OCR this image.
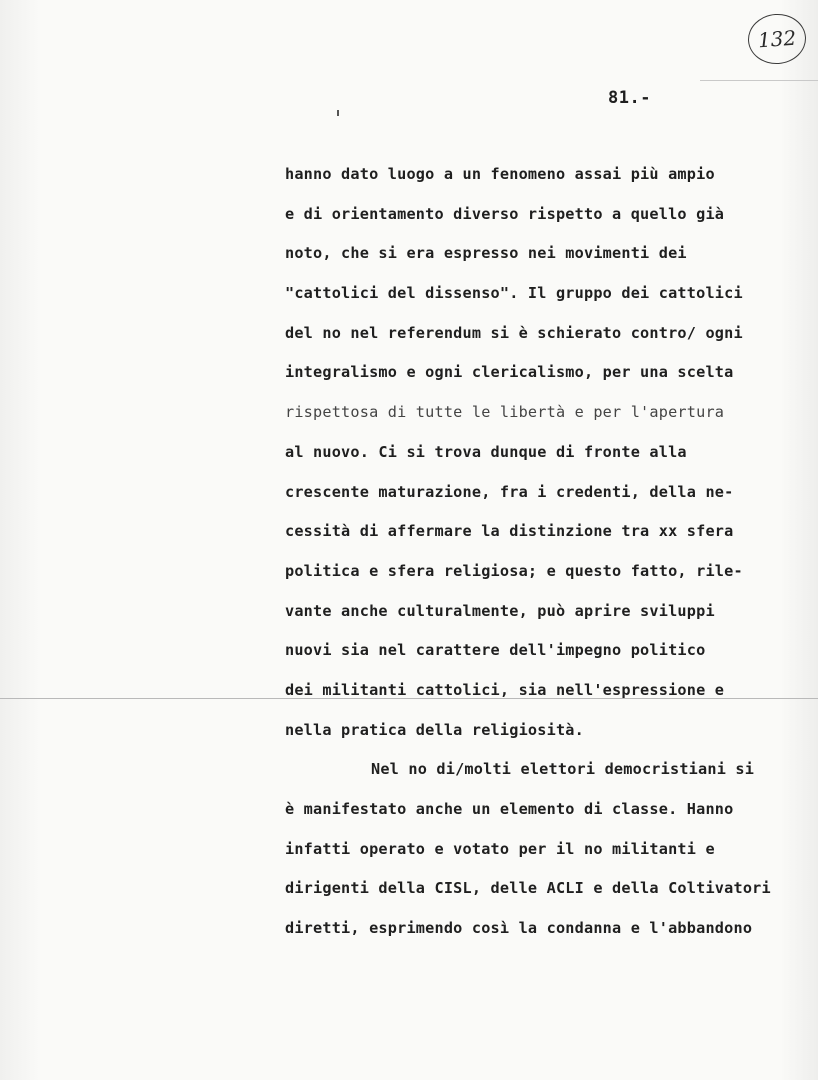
132
81.-
hanno dato luogo a un fenomeno assai più ampio
e di orientamento diverso rispetto a quello già
noto, che si era espresso nei movimenti dei
"cattolici del dissenso". Il gruppo dei cattolici
del no nel referendum si è schierato contro/ ogni
integralismo e ogni clericalismo, per una scelta
rispettosa di tutte le libertà e per l'apertura
al nuovo. Ci si trova dunque di fronte alla
crescente maturazione, fra i credenti, della ne-
cessità di affermare la distinzione tra xx sfera
politica e sfera religiosa; e questo fatto, rile-
vante anche culturalmente, può aprire sviluppi
nuovi sia nel carattere dell'impegno politico
dei militanti cattolici, sia nell'espressione e
nella pratica della religiosità.
Nel no di/molti elettori democristiani si
è manifestato anche un elemento di classe. Hanno
infatti operato e votato per il no militanti e
dirigenti della CISL, delle ACLI e della Coltivatori
diretti, esprimendo così la condanna e l'abbandono
